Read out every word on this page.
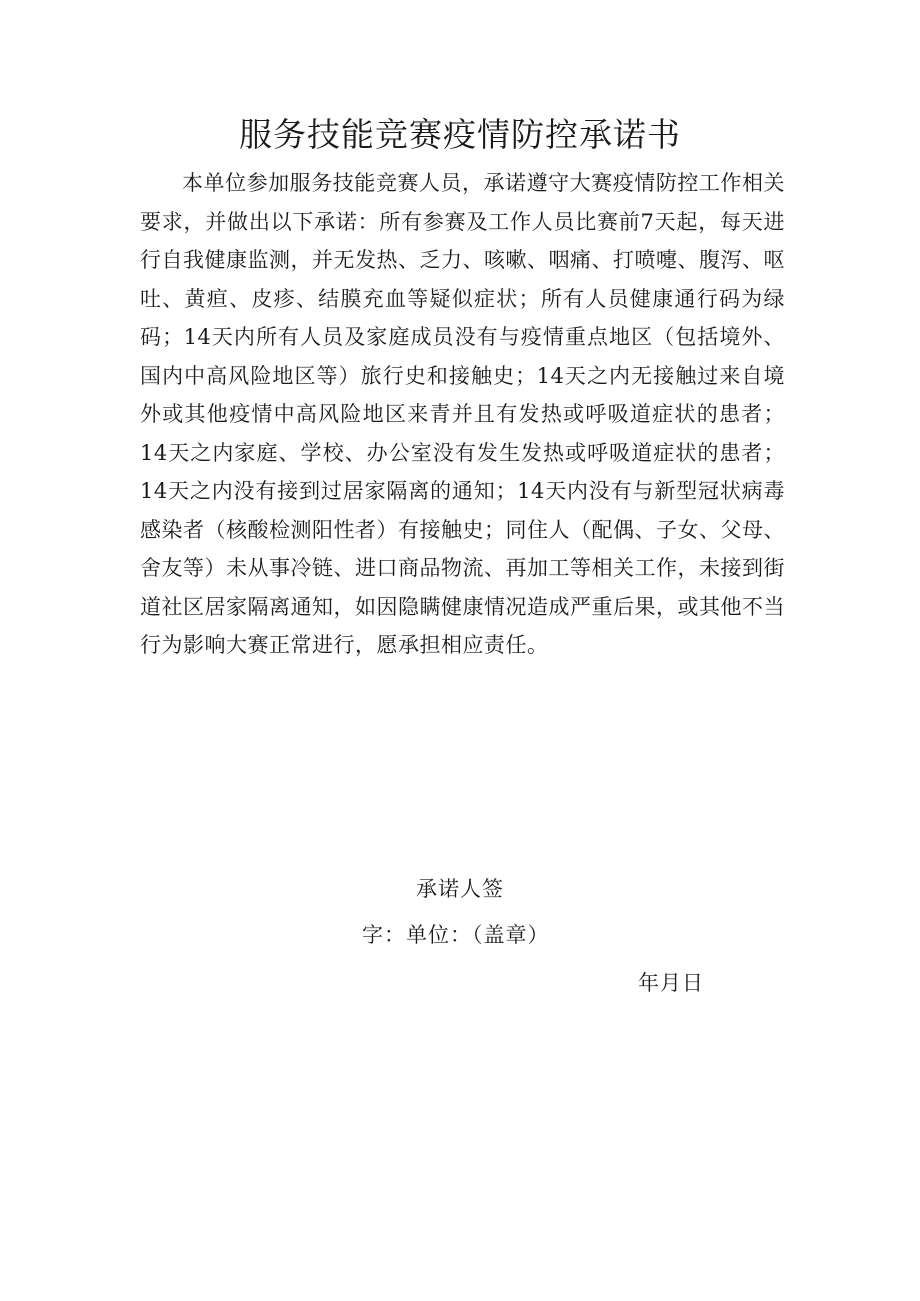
服务技能竞赛疫情防控承诺书

本单位参加服务技能竞赛人员，承诺遵守大赛疫情防控工作相关要求，并做出以下承诺：所有参赛及工作人员比赛前7天起，每天进行自我健康监测，并无发热、乏力、咳嗽、咽痛、打喷嚏、腹泻、呕吐、黄疸、皮疹、结膜充血等疑似症状；所有人员健康通行码为绿码；14天内所有人员及家庭成员没有与疫情重点地区（包括境外、国内中高风险地区等）旅行史和接触史；14天之内无接触过来自境外或其他疫情中高风险地区来青并且有发热或呼吸道症状的患者；14天之内家庭、学校、办公室没有发生发热或呼吸道症状的患者；14天之内没有接到过居家隔离的通知；14天内没有与新型冠状病毒感染者（核酸检测阳性者）有接触史；同住人（配偶、子女、父母、舍友等）未从事冷链、进口商品物流、再加工等相关工作，未接到街道社区居家隔离通知，如因隐瞒健康情况造成严重后果，或其他不当行为影响大赛正常进行，愿承担相应责任。

承诺人签
字：单位：（盖章）
年月日
